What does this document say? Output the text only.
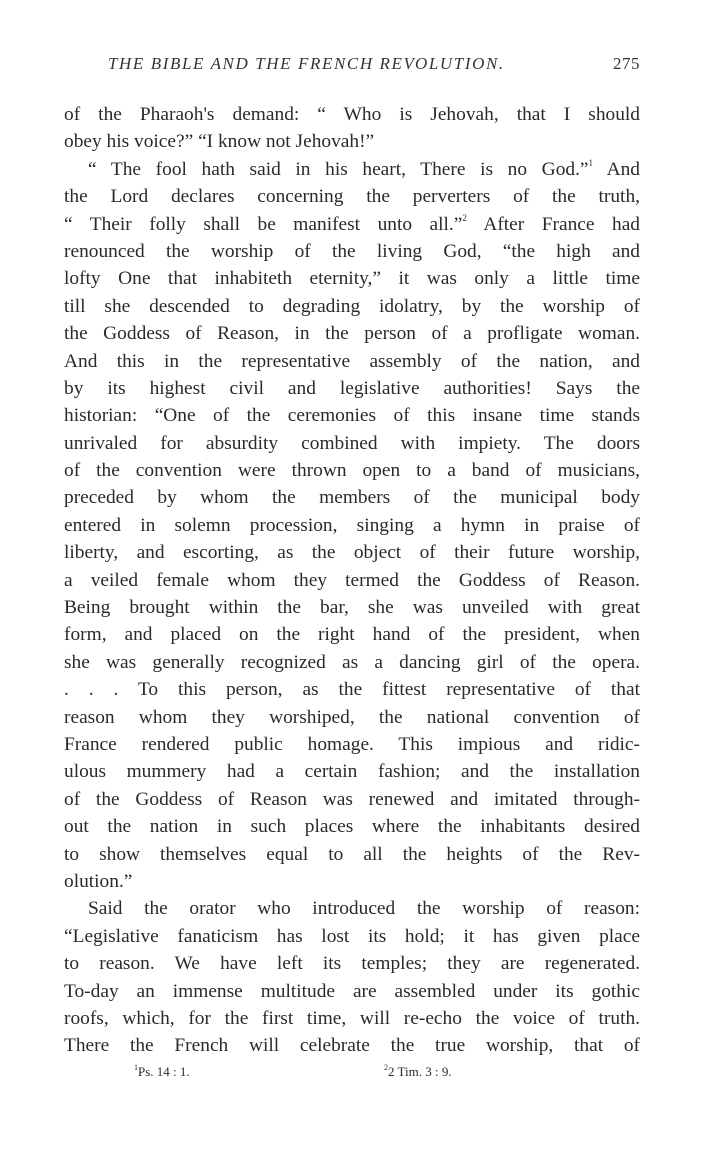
THE BIBLE AND THE FRENCH REVOLUTION.	275
of the Pharaoh's demand: “ Who is Jehovah, that I should
obey his voice?” “I know not Jehovah!”
“ The fool hath said in his heart, There is no God.”$^1$ And
the Lord declares concerning the perverters of the truth,
“ Their folly shall be manifest unto all.”$^2$ After France had
renounced the worship of the living God, “the high and
lofty One that inhabiteth eternity,” it was only a little time
till she descended to degrading idolatry, by the worship of
the Goddess of Reason, in the person of a profligate woman.
And this in the representative assembly of the nation, and
by its highest civil and legislative authorities! Says the
historian: “One of the ceremonies of this insane time stands
unrivaled for absurdity combined with impiety. The doors
of the convention were thrown open to a band of musicians,
preceded by whom the members of the municipal body
entered in solemn procession, singing a hymn in praise of
liberty, and escorting, as the object of their future worship,
a veiled female whom they termed the Goddess of Reason.
Being brought within the bar, she was unveiled with great
form, and placed on the right hand of the president, when
she was generally recognized as a dancing girl of the opera.
. . . To this person, as the fittest representative of that
reason whom they worshiped, the national convention of
France rendered public homage. This impious and ridic-
ulous mummery had a certain fashion; and the installation
of the Goddess of Reason was renewed and imitated through-
out the nation in such places where the inhabitants desired
to show themselves equal to all the heights of the Rev-
olution.”
Said the orator who introduced the worship of reason:
“Legislative fanaticism has lost its hold; it has given place
to reason. We have left its temples; they are regenerated.
To-day an immense multitude are assembled under its gothic
roofs, which, for the first time, will re-echo the voice of truth.
There the French will celebrate the true worship, that of
$^1$Ps. 14 : 1.	$^2$2 Tim. 3 : 9.
